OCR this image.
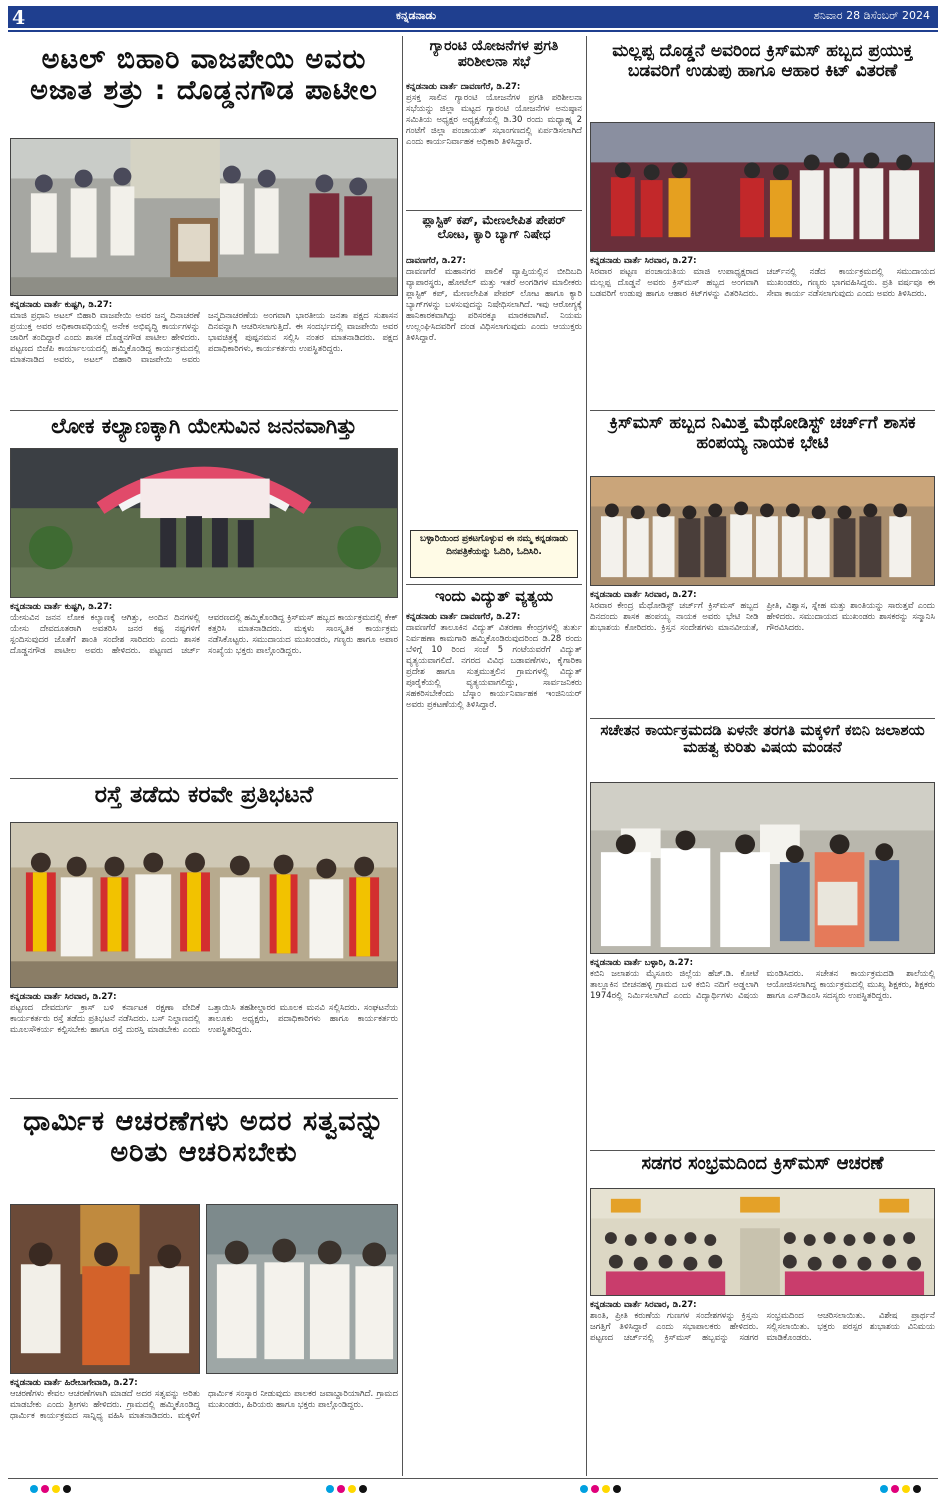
4	ಕನ್ನಡನಾಡು	ಶನಿವಾರ 28 ಡಿಸೆಂಬರ್ 2024
ಅಟಲ್ ಬಿಹಾರಿ ವಾಜಪೇಯಿ ಅವರು ಅಜಾತ ಶತ್ರು : ದೊಡ್ಡನಗೌಡ ಪಾಟೀಲ
ಕನ್ನಡನಾಡು ವಾರ್ತೆ ಕುಷ್ಟಗಿ, ಡಿ.27:
ಮಾಜಿ ಪ್ರಧಾನಿ ಅಟಲ್ ಬಿಹಾರಿ ವಾಜಪೇಯಿ ಅವರ ಜನ್ಮ ದಿನಾಚರಣೆ ಪ್ರಯುಕ್ತ ಅವರ ಅಧಿಕಾರಾವಧಿಯಲ್ಲಿ ಅನೇಕ ಅಭಿವೃದ್ಧಿ ಕಾರ್ಯಗಳನ್ನು ಜಾರಿಗೆ ತಂದಿದ್ದಾರೆ ಎಂದು ಶಾಸಕ ದೊಡ್ಡನಗೌಡ ಪಾಟೀಲ ಹೇಳಿದರು. ಪಟ್ಟಣದ ಬಿಜೆಪಿ ಕಾರ್ಯಾಲಯದಲ್ಲಿ ಹಮ್ಮಿಕೊಂಡಿದ್ದ ಕಾರ್ಯಕ್ರಮದಲ್ಲಿ ಮಾತನಾಡಿದ ಅವರು, ಅಟಲ್ ಬಿಹಾರಿ ವಾಜಪೇಯಿ ಅವರು ಜನ್ಮದಿನಾಚರಣೆಯ ಅಂಗವಾಗಿ ಭಾರತೀಯ ಜನತಾ ಪಕ್ಷದ ಸುಶಾಸನ ದಿನವನ್ನಾಗಿ ಆಚರಿಸಲಾಗುತ್ತಿದೆ. ಈ ಸಂದರ್ಭದಲ್ಲಿ ವಾಜಪೇಯಿ ಅವರ ಭಾವಚಿತ್ರಕ್ಕೆ ಪುಷ್ಪನಮನ ಸಲ್ಲಿಸಿ ನಂತರ ಮಾತನಾಡಿದರು. ಪಕ್ಷದ ಪದಾಧಿಕಾರಿಗಳು, ಕಾರ್ಯಕರ್ತರು ಉಪಸ್ಥಿತರಿದ್ದರು.
ಲೋಕ ಕಲ್ಯಾಣಕ್ಕಾಗಿ ಯೇಸುವಿನ ಜನನವಾಗಿತ್ತು
ಕನ್ನಡನಾಡು ವಾರ್ತೆ ಕುಷ್ಟಗಿ, ಡಿ.27:
ಯೇಸುವಿನ ಜನನ ಲೋಕ ಕಲ್ಯಾಣಕ್ಕೆ ಆಗಿತ್ತು, ಅಂದಿನ ದಿನಗಳಲ್ಲಿ ಯೇಸು ದೇವದೂತರಾಗಿ ಅವತರಿಸಿ ಜನರ ಕಷ್ಟ ನಷ್ಟಗಳಿಗೆ ಸ್ಪಂದಿಸುವುದರ ಜೊತೆಗೆ ಶಾಂತಿ ಸಂದೇಶ ಸಾರಿದರು ಎಂದು ಶಾಸಕ ದೊಡ್ಡನಗೌಡ ಪಾಟೀಲ ಅವರು ಹೇಳಿದರು. ಪಟ್ಟಣದ ಚರ್ಚ್ ಆವರಣದಲ್ಲಿ ಹಮ್ಮಿಕೊಂಡಿದ್ದ ಕ್ರಿಸ್‌ಮಸ್ ಹಬ್ಬದ ಕಾರ್ಯಕ್ರಮದಲ್ಲಿ ಕೇಕ್ ಕತ್ತರಿಸಿ ಮಾತನಾಡಿದರು. ಮಕ್ಕಳು ಸಾಂಸ್ಕೃತಿಕ ಕಾರ್ಯಕ್ರಮ ನಡೆಸಿಕೊಟ್ಟರು. ಸಮುದಾಯದ ಮುಖಂಡರು, ಗಣ್ಯರು ಹಾಗೂ ಅಪಾರ ಸಂಖ್ಯೆಯ ಭಕ್ತರು ಪಾಲ್ಗೊಂಡಿದ್ದರು.
ರಸ್ತೆ ತಡೆದು ಕರವೇ ಪ್ರತಿಭಟನೆ
ಕನ್ನಡನಾಡು ವಾರ್ತೆ ಸಿರವಾರ, ಡಿ.27:
ಪಟ್ಟಣದ ದೇವದುರ್ಗ ಕ್ರಾಸ್ ಬಳಿ ಕರ್ನಾಟಕ ರಕ್ಷಣಾ ವೇದಿಕೆ ಕಾರ್ಯಕರ್ತರು ರಸ್ತೆ ತಡೆದು ಪ್ರತಿಭಟನೆ ನಡೆಸಿದರು. ಬಸ್ ನಿಲ್ದಾಣದಲ್ಲಿ ಮೂಲಸೌಕರ್ಯ ಕಲ್ಪಿಸಬೇಕು ಹಾಗೂ ರಸ್ತೆ ದುರಸ್ತಿ ಮಾಡಬೇಕು ಎಂದು ಒತ್ತಾಯಿಸಿ ತಹಶೀಲ್ದಾರರ ಮೂಲಕ ಮನವಿ ಸಲ್ಲಿಸಿದರು. ಸಂಘಟನೆಯ ತಾಲೂಕು ಅಧ್ಯಕ್ಷರು, ಪದಾಧಿಕಾರಿಗಳು ಹಾಗೂ ಕಾರ್ಯಕರ್ತರು ಉಪಸ್ಥಿತರಿದ್ದರು.
ಧಾರ್ಮಿಕ ಆಚರಣೆಗಳು ಅದರ ಸತ್ವವನ್ನು ಅರಿತು ಆಚರಿಸಬೇಕು
ಕನ್ನಡನಾಡು ವಾರ್ತೆ ಹಿರೇಬಾಗೇವಾಡಿ, ಡಿ.27:
ಆಚರಣೆಗಳು ಕೇವಲ ಆಚರಣೆಗಳಾಗಿ ಮಾಡದೆ ಅದರ ಸತ್ವವನ್ನು ಅರಿತು ಮಾಡಬೇಕು ಎಂದು ಶ್ರೀಗಳು ಹೇಳಿದರು. ಗ್ರಾಮದಲ್ಲಿ ಹಮ್ಮಿಕೊಂಡಿದ್ದ ಧಾರ್ಮಿಕ ಕಾರ್ಯಕ್ರಮದ ಸಾನ್ನಿಧ್ಯ ವಹಿಸಿ ಮಾತನಾಡಿದರು. ಮಕ್ಕಳಿಗೆ ಧಾರ್ಮಿಕ ಸಂಸ್ಕಾರ ನೀಡುವುದು ಪಾಲಕರ ಜವಾಬ್ದಾರಿಯಾಗಿದೆ. ಗ್ರಾಮದ ಮುಖಂಡರು, ಹಿರಿಯರು ಹಾಗೂ ಭಕ್ತರು ಪಾಲ್ಗೊಂಡಿದ್ದರು.
ಗ್ಯಾರಂಟಿ ಯೋಜನೆಗಳ ಪ್ರಗತಿ ಪರಿಶೀಲನಾ ಸಭೆ
ಕನ್ನಡನಾಡು ವಾರ್ತೆ ದಾವಣಗೆರೆ, ಡಿ.27:
ಪ್ರಸಕ್ತ ಸಾಲಿನ ಗ್ಯಾರಂಟಿ ಯೋಜನೆಗಳ ಪ್ರಗತಿ ಪರಿಶೀಲನಾ ಸಭೆಯನ್ನು ಜಿಲ್ಲಾ ಮಟ್ಟದ ಗ್ಯಾರಂಟಿ ಯೋಜನೆಗಳ ಅನುಷ್ಠಾನ ಸಮಿತಿಯ ಅಧ್ಯಕ್ಷರ ಅಧ್ಯಕ್ಷತೆಯಲ್ಲಿ ಡಿ.30 ರಂದು ಮಧ್ಯಾಹ್ನ 2 ಗಂಟೆಗೆ ಜಿಲ್ಲಾ ಪಂಚಾಯತ್ ಸಭಾಂಗಣದಲ್ಲಿ ಏರ್ಪಡಿಸಲಾಗಿದೆ ಎಂದು ಕಾರ್ಯನಿರ್ವಾಹಕ ಅಧಿಕಾರಿ ತಿಳಿಸಿದ್ದಾರೆ.
ಪ್ಲಾಸ್ಟಿಕ್ ಕಪ್, ಮೇಣಲೇಪಿತ ಪೇಪರ್ ಲೋಟ, ಕ್ಯಾರಿ ಬ್ಯಾಗ್ ನಿಷೇಧ
ದಾವಣಗೆರೆ, ಡಿ.27:
ದಾವಣಗೆರೆ ಮಹಾನಗರ ಪಾಲಿಕೆ ವ್ಯಾಪ್ತಿಯಲ್ಲಿನ ಬೀದಿಬದಿ ವ್ಯಾಪಾರಸ್ಥರು, ಹೋಟೆಲ್ ಮತ್ತು ಇತರೆ ಅಂಗಡಿಗಳ ಮಾಲೀಕರು ಪ್ಲಾಸ್ಟಿಕ್ ಕಪ್, ಮೇಣಲೇಪಿತ ಪೇಪರ್ ಲೋಟ ಹಾಗೂ ಕ್ಯಾರಿ ಬ್ಯಾಗ್‌ಗಳನ್ನು ಬಳಸುವುದನ್ನು ನಿಷೇಧಿಸಲಾಗಿದೆ. ಇವು ಆರೋಗ್ಯಕ್ಕೆ ಹಾನಿಕಾರಕವಾಗಿದ್ದು ಪರಿಸರಕ್ಕೂ ಮಾರಕವಾಗಿವೆ. ನಿಯಮ ಉಲ್ಲಂಘಿಸಿದವರಿಗೆ ದಂಡ ವಿಧಿಸಲಾಗುವುದು ಎಂದು ಆಯುಕ್ತರು ತಿಳಿಸಿದ್ದಾರೆ.
ಬಳ್ಳಾರಿಯಿಂದ ಪ್ರಕಟಗೊಳ್ಳುವ ಈ ನಮ್ಮ ಕನ್ನಡನಾಡು ದಿನಪತ್ರಿಕೆಯನ್ನು ಓದಿರಿ, ಓದಿಸಿರಿ.
ಇಂದು ವಿದ್ಯುತ್ ವ್ಯತ್ಯಯ
ಕನ್ನಡನಾಡು ವಾರ್ತೆ ದಾವಣಗೆರೆ, ಡಿ.27:
ದಾವಣಗೆರೆ ತಾಲೂಕಿನ ವಿದ್ಯುತ್ ವಿತರಣಾ ಕೇಂದ್ರಗಳಲ್ಲಿ ತುರ್ತು ನಿರ್ವಹಣಾ ಕಾಮಗಾರಿ ಹಮ್ಮಿಕೊಂಡಿರುವುದರಿಂದ ಡಿ.28 ರಂದು ಬೆಳಿಗ್ಗೆ 10 ರಿಂದ ಸಂಜೆ 5 ಗಂಟೆಯವರೆಗೆ ವಿದ್ಯುತ್ ವ್ಯತ್ಯಯವಾಗಲಿದೆ. ನಗರದ ವಿವಿಧ ಬಡಾವಣೆಗಳು, ಕೈಗಾರಿಕಾ ಪ್ರದೇಶ ಹಾಗೂ ಸುತ್ತಮುತ್ತಲಿನ ಗ್ರಾಮಗಳಲ್ಲಿ ವಿದ್ಯುತ್ ಪೂರೈಕೆಯಲ್ಲಿ ವ್ಯತ್ಯಯವಾಗಲಿದ್ದು, ಸಾರ್ವಜನಿಕರು ಸಹಕರಿಸಬೇಕೆಂದು ಬೆಸ್ಕಾಂ ಕಾರ್ಯನಿರ್ವಾಹಕ ಇಂಜಿನಿಯರ್ ಅವರು ಪ್ರಕಟಣೆಯಲ್ಲಿ ತಿಳಿಸಿದ್ದಾರೆ.
ಮಲ್ಲಪ್ಪ ದೊಡ್ಡನೆ ಅವರಿಂದ ಕ್ರಿಸ್‌ಮಸ್ ಹಬ್ಬದ ಪ್ರಯುಕ್ತ ಬಡವರಿಗೆ ಉಡುಪು ಹಾಗೂ ಆಹಾರ ಕಿಟ್ ವಿತರಣೆ
ಕನ್ನಡನಾಡು ವಾರ್ತೆ ಸಿರವಾರ, ಡಿ.27:
ಸಿರವಾರ ಪಟ್ಟಣ ಪಂಚಾಯತಿಯ ಮಾಜಿ ಉಪಾಧ್ಯಕ್ಷರಾದ ಮಲ್ಲಪ್ಪ ದೊಡ್ಡನೆ ಅವರು ಕ್ರಿಸ್‌ಮಸ್ ಹಬ್ಬದ ಅಂಗವಾಗಿ ಬಡವರಿಗೆ ಉಡುಪು ಹಾಗೂ ಆಹಾರ ಕಿಟ್‌ಗಳನ್ನು ವಿತರಿಸಿದರು. ಚರ್ಚ್‌ನಲ್ಲಿ ನಡೆದ ಕಾರ್ಯಕ್ರಮದಲ್ಲಿ ಸಮುದಾಯದ ಮುಖಂಡರು, ಗಣ್ಯರು ಭಾಗವಹಿಸಿದ್ದರು. ಪ್ರತಿ ವರ್ಷವೂ ಈ ಸೇವಾ ಕಾರ್ಯ ನಡೆಸಲಾಗುವುದು ಎಂದು ಅವರು ತಿಳಿಸಿದರು.
ಕ್ರಿಸ್‌ಮಸ್ ಹಬ್ಬದ ನಿಮಿತ್ತ ಮೆಥೋಡಿಸ್ಟ್ ಚರ್ಚ್‌ಗೆ ಶಾಸಕ ಹಂಪಯ್ಯ ನಾಯಕ ಭೇಟಿ
ಕನ್ನಡನಾಡು ವಾರ್ತೆ ಸಿರವಾರ, ಡಿ.27:
ಸಿರವಾರ ಕೇಂದ್ರ ಮೆಥೋಡಿಸ್ಟ್ ಚರ್ಚ್‌ಗೆ ಕ್ರಿಸ್‌ಮಸ್ ಹಬ್ಬದ ದಿನದಂದು ಶಾಸಕ ಹಂಪಯ್ಯ ನಾಯಕ ಅವರು ಭೇಟಿ ನೀಡಿ ಶುಭಾಶಯ ಕೋರಿದರು. ಕ್ರಿಸ್ತನ ಸಂದೇಶಗಳು ಮಾನವೀಯತೆ, ಪ್ರೀತಿ, ವಿಶ್ವಾಸ, ಸ್ನೇಹ ಮತ್ತು ಶಾಂತಿಯನ್ನು ಸಾರುತ್ತವೆ ಎಂದು ಹೇಳಿದರು. ಸಮುದಾಯದ ಮುಖಂಡರು ಶಾಸಕರನ್ನು ಸನ್ಮಾನಿಸಿ ಗೌರವಿಸಿದರು.
ಸಚೇತನ ಕಾರ್ಯಕ್ರಮದಡಿ ಏಳನೇ ತರಗತಿ ಮಕ್ಕಳಿಗೆ ಕಬಿನಿ ಜಲಾಶಯ ಮಹತ್ವ ಕುರಿತು ವಿಷಯ ಮಂಡನೆ
ಕನ್ನಡನಾಡು ವಾರ್ತೆ ಬಳ್ಳಾರಿ, ಡಿ.27:
ಕಬಿನಿ ಜಲಾಶಯ ಮೈಸೂರು ಜಿಲ್ಲೆಯ ಹೆಚ್.ಡಿ. ಕೋಟೆ ತಾಲ್ಲೂಕಿನ ಬೀಚನಹಳ್ಳಿ ಗ್ರಾಮದ ಬಳಿ ಕಬಿನಿ ನದಿಗೆ ಅಡ್ಡಲಾಗಿ 1974ರಲ್ಲಿ ನಿರ್ಮಿಸಲಾಗಿದೆ ಎಂದು ವಿದ್ಯಾರ್ಥಿಗಳು ವಿಷಯ ಮಂಡಿಸಿದರು. ಸಚೇತನ ಕಾರ್ಯಕ್ರಮದಡಿ ಶಾಲೆಯಲ್ಲಿ ಆಯೋಜಿಸಲಾಗಿದ್ದ ಕಾರ್ಯಕ್ರಮದಲ್ಲಿ ಮುಖ್ಯ ಶಿಕ್ಷಕರು, ಶಿಕ್ಷಕರು ಹಾಗೂ ಎಸ್‌ಡಿಎಂಸಿ ಸದಸ್ಯರು ಉಪಸ್ಥಿತರಿದ್ದರು.
ಸಡಗರ ಸಂಭ್ರಮದಿಂದ ಕ್ರಿಸ್‌ಮಸ್ ಆಚರಣೆ
ಕನ್ನಡನಾಡು ವಾರ್ತೆ ಸಿರವಾರ, ಡಿ.27:
ಶಾಂತಿ, ಪ್ರೀತಿ ಕರುಣೆಯ ಗುಣಗಳ ಸಂದೇಶಗಳನ್ನು ಕ್ರಿಸ್ತನು ಜಗತ್ತಿಗೆ ತಿಳಿಸಿದ್ದಾರೆ ಎಂದು ಸಭಾಪಾಲಕರು ಹೇಳಿದರು. ಪಟ್ಟಣದ ಚರ್ಚ್‌ನಲ್ಲಿ ಕ್ರಿಸ್‌ಮಸ್ ಹಬ್ಬವನ್ನು ಸಡಗರ ಸಂಭ್ರಮದಿಂದ ಆಚರಿಸಲಾಯಿತು. ವಿಶೇಷ ಪ್ರಾರ್ಥನೆ ಸಲ್ಲಿಸಲಾಯಿತು. ಭಕ್ತರು ಪರಸ್ಪರ ಶುಭಾಶಯ ವಿನಿಮಯ ಮಾಡಿಕೊಂಡರು.
